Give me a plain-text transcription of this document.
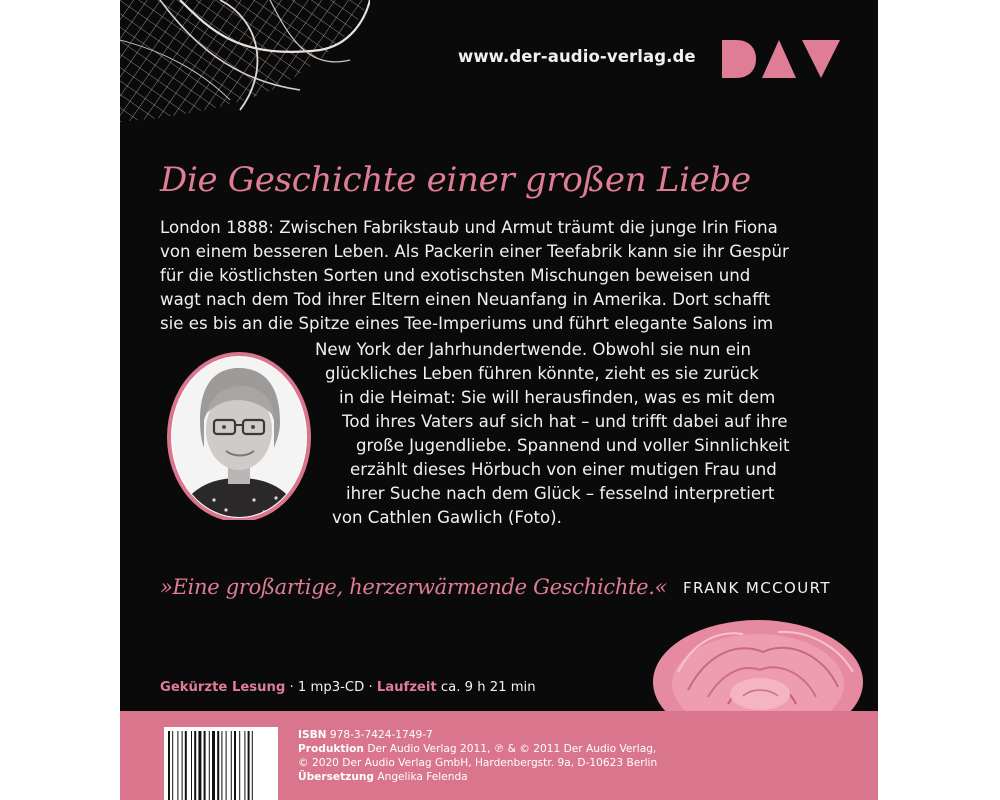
www.der-audio-verlag.de
Die Geschichte einer großen Liebe
London 1888: Zwischen Fabrikstaub und Armut träumt die junge Irin Fiona
von einem besseren Leben. Als Packerin einer Teefabrik kann sie ihr Gespür
für die köstlichsten Sorten und exotischsten Mischungen beweisen und
wagt nach dem Tod ihrer Eltern einen Neuanfang in Amerika. Dort schafft
sie es bis an die Spitze eines Tee-Imperiums und führt elegante Salons im
New York der Jahrhundertwende. Obwohl sie nun ein
glückliches Leben führen könnte, zieht es sie zurück
in die Heimat: Sie will herausfinden, was es mit dem
Tod ihres Vaters auf sich hat – und trifft dabei auf ihre
große Jugendliebe. Spannend und voller Sinnlichkeit
erzählt dieses Hörbuch von einer mutigen Frau und
ihrer Suche nach dem Glück – fesselnd interpretiert
von Cathlen Gawlich (Foto).
»Eine großartige, herzerwärmende Geschichte.« FRANK MCCOURT
Gekürzte Lesung · 1 mp3-CD · Laufzeit ca. 9 h 21 min
ISBN 978-3-7424-1749-7
Produktion Der Audio Verlag 2011, ℗ & © 2011 Der Audio Verlag,
© 2020 Der Audio Verlag GmbH, Hardenbergstr. 9a, D-10623 Berlin
Übersetzung Angelika Felenda
